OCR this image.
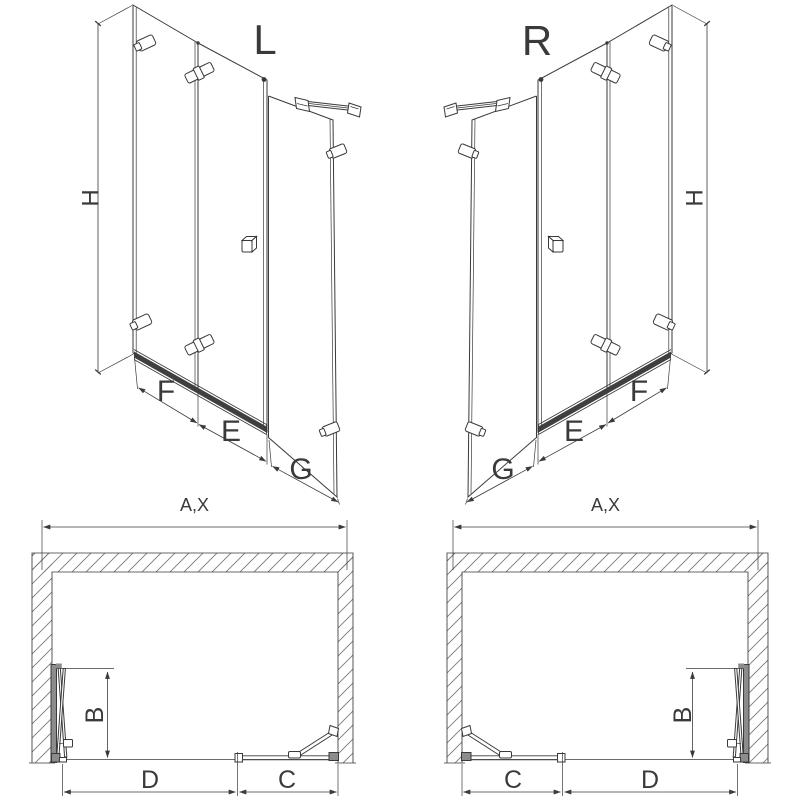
L
H
F
E
G
R
H
G
E
F
A,X
B
D	C
A,X
B
C	D
